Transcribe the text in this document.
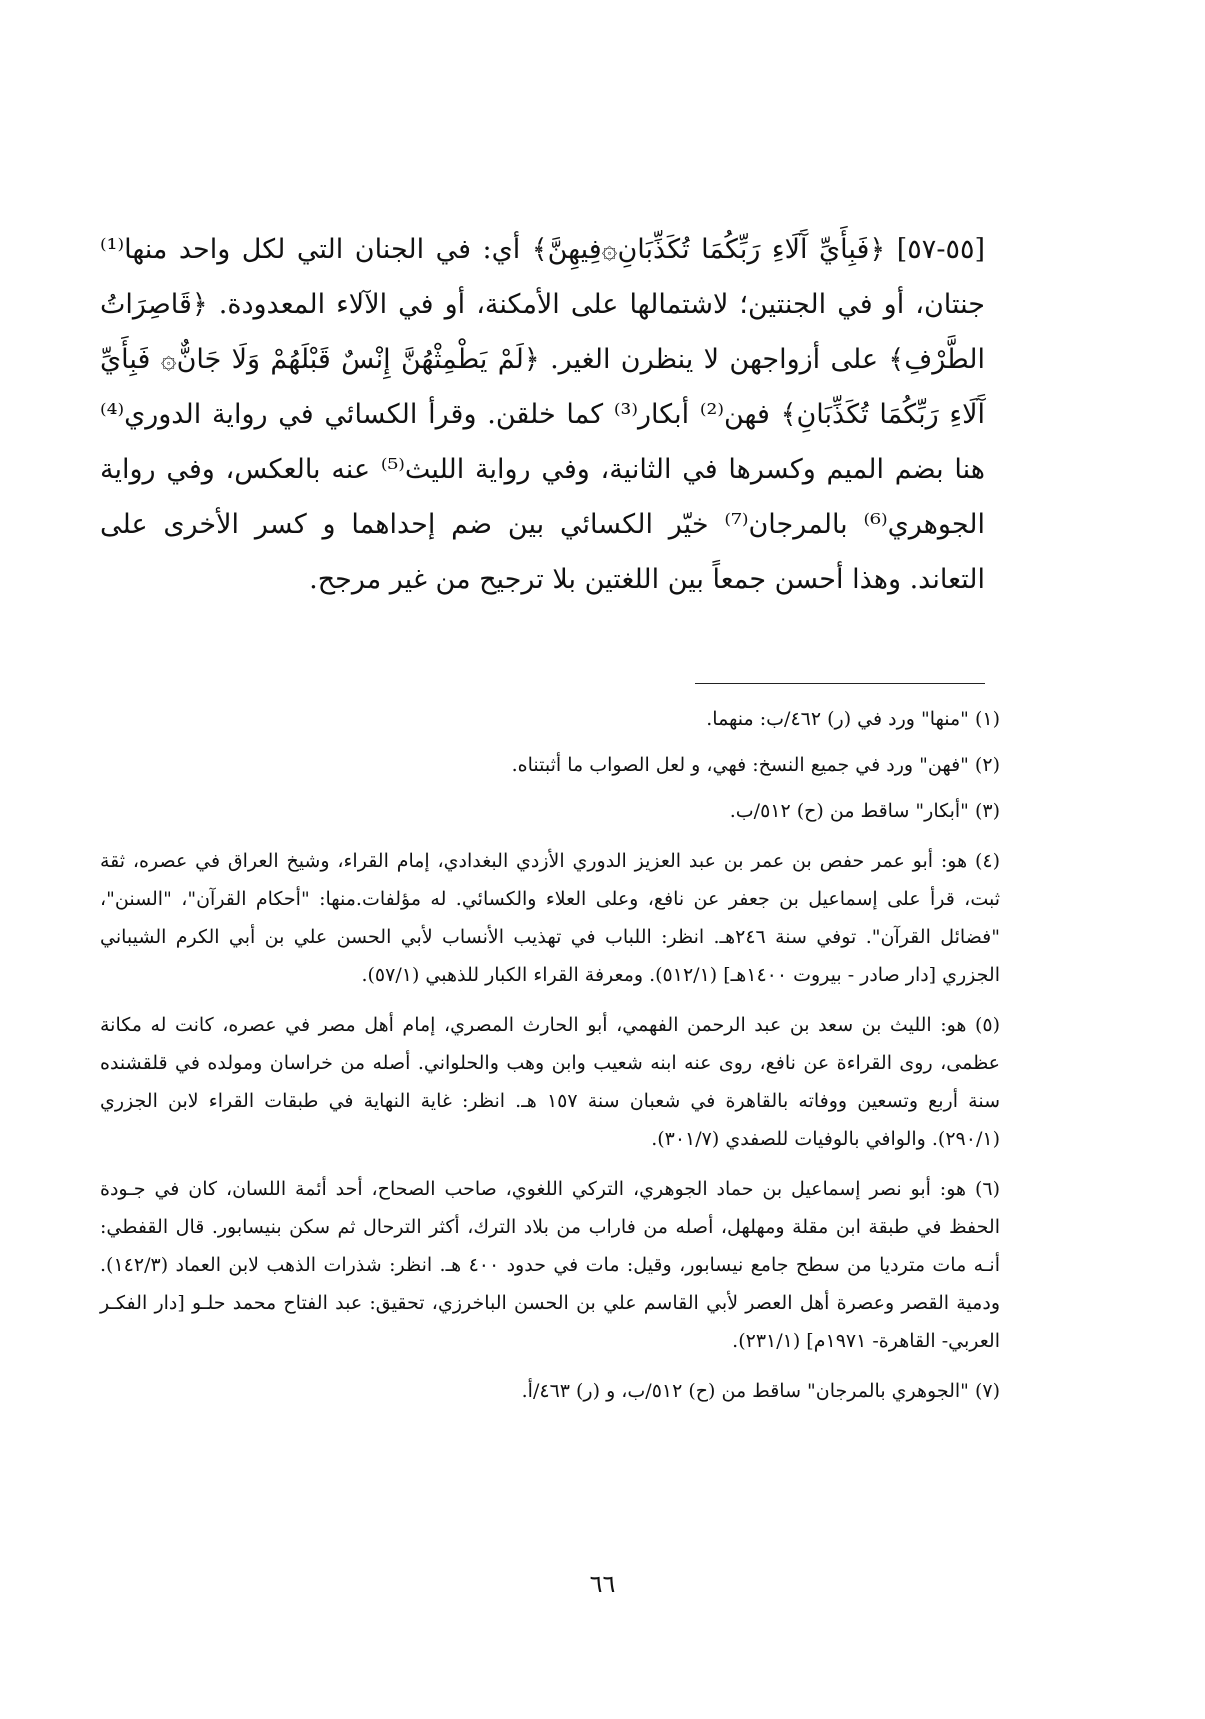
[٥٥-٥٧] ﴿فَبِأَيِّ آَلَاءِ رَبِّكُمَا تُكَذِّبَانِ۞فِيهِنَّ﴾ أي: في الجنان التي لكل واحد منها⁽¹⁾ جنتان، أو في الجنتين؛ لاشتمالها على الأمكنة، أو في الآلاء المعدودة. ﴿قَاصِرَاتُ الطَّرْفِ﴾ على أزواجهن لا ينظرن الغير. ﴿لَمْ يَطْمِثْهُنَّ إِنْسٌ قَبْلَهُمْ وَلَا جَانٌّ۞ فَبِأَيِّ آَلَاءِ رَبِّكُمَا تُكَذِّبَانِ﴾ فهن⁽²⁾ أبكار⁽³⁾ كما خلقن. وقرأ الكسائي في رواية الدوري⁽⁴⁾ هنا بضم الميم وكسرها في الثانية، وفي رواية الليث⁽⁵⁾ عنه بالعكس، وفي رواية الجوهري⁽⁶⁾ بالمرجان⁽⁷⁾ خيّر الكسائي بين ضم إحداهما و كسر الأخرى على التعاند. وهذا أحسن جمعاً بين اللغتين بلا ترجيح من غير مرجح.

(١) "منها" ورد في (ر) ٤٦٢/ب: منهما.

(٢) "فهن" ورد في جميع النسخ: فهي، و لعل الصواب ما أثبتناه.

(٣) "أبكار" ساقط من (ح) ٥١٢/ب.

(٤) هو: أبو عمر حفص بن عمر بن عبد العزيز الدوري الأزدي البغدادي، إمام القراء، وشيخ العراق في عصره، ثقة ثبت، قرأ على إسماعيل بن جعفر عن نافع، وعلى العلاء والكسائي. له مؤلفات.منها: "أحكام القرآن"، "السنن"، "فضائل القرآن". توفي سنة ٢٤٦هـ. انظر: اللباب في تهذيب الأنساب لأبي الحسن علي بن أبي الكرم الشيباني الجزري [دار صادر - بيروت ١٤٠٠هـ] (٥١٢/١). ومعرفة القراء الكبار للذهبي (٥٧/١).

(٥) هو: الليث بن سعد بن عبد الرحمن الفهمي، أبو الحارث المصري، إمام أهل مصر في عصره، كانت له مكانة عظمى، روى القراءة عن نافع، روى عنه ابنه شعيب وابن وهب والحلواني. أصله من خراسان ومولده في قلقشنده سنة أربع وتسعين ووفاته بالقاهرة في شعبان سنة ١٥٧ هـ. انظر: غاية النهاية في طبقات القراء لابن الجزري (٢٩٠/١). والوافي بالوفيات للصفدي (٣٠١/٧).

(٦) هو: أبو نصر إسماعيل بن حماد الجوهري، التركي اللغوي، صاحب الصحاح، أحد أئمة اللسان، كان في جـودة الحفظ في طبقة ابن مقلة ومهلهل، أصله من فاراب من بلاد الترك، أكثر الترحال ثم سكن بنيسابور. قال القفطي: أنـه مات مترديا من سطح جامع نيسابور، وقيل: مات في حدود ٤٠٠ هـ. انظر: شذرات الذهب لابن العماد (١٤٢/٣). ودمية القصر وعصرة أهل العصر لأبي القاسم علي بن الحسن الباخرزي، تحقيق: عبد الفتاح محمد حلـو [دار الفكـر العربي- القاهرة- ١٩٧١م] (٢٣١/١).

(٧) "الجوهري بالمرجان" ساقط من (ح) ٥١٢/ب، و (ر) ٤٦٣/أ.

٦٦
